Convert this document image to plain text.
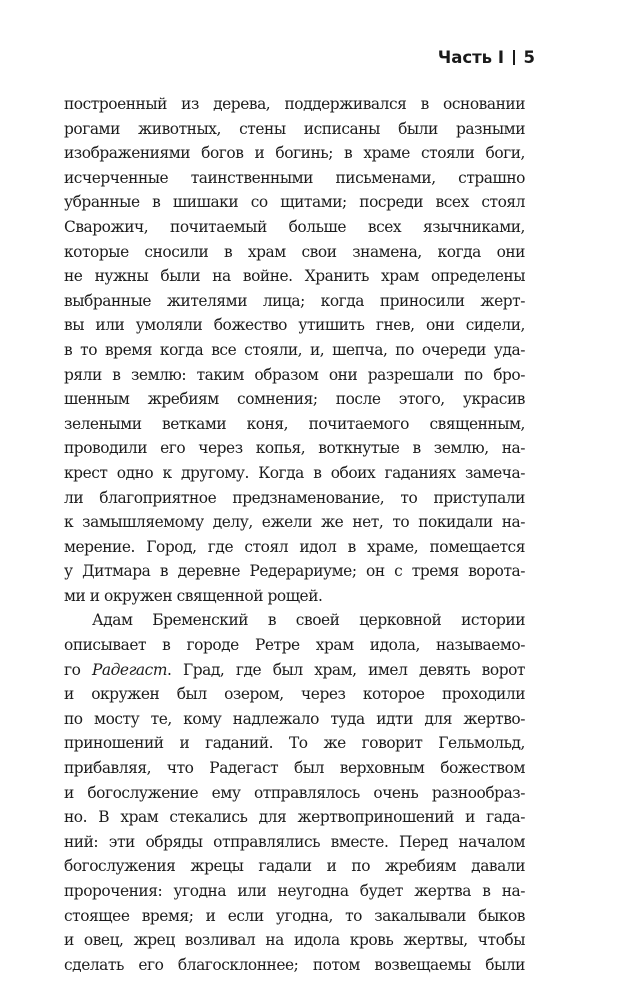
Часть I 5
построенный из дерева, поддерживался в основании
рогами животных, стены исписаны были разными
изображениями богов и богинь; в храме стояли боги,
исчерченные таинственными письменами, страшно
убранные в шишаки со щитами; посреди всех стоял
Сварожич, почитаемый больше всех язычниками,
которые сносили в храм свои знамена, когда они
не нужны были на войне. Хранить храм определены
выбранные жителями лица; когда приносили жерт-
вы или умоляли божество утишить гнев, они сидели,
в то время когда все стояли, и, шепча, по очереди уда-
ряли в землю: таким образом они разрешали по бро-
шенным жребиям сомнения; после этого, украсив
зелеными ветками коня, почитаемого священным,
проводили его через копья, воткнутые в землю, на-
крест одно к другому. Когда в обоих гаданиях замеча-
ли благоприятное предзнаменование, то приступали
к замышляемому делу, ежели же нет, то покидали на-
мерение. Город, где стоял идол в храме, помещается
у Дитмара в деревне Редерариуме; он с тремя ворота-
ми и окружен священной рощей.
Адам Бременский в своей церковной истории
описывает в городе Ретре храм идола, называемо-
го Радегаст. Град, где был храм, имел девять ворот
и окружен был озером, через которое проходили
по мосту те, кому надлежало туда идти для жертво-
приношений и гаданий. То же говорит Гельмольд,
прибавляя, что Радегаст был верховным божеством
и богослужение ему отправлялось очень разнообраз-
но. В храм стекались для жертвоприношений и гада-
ний: эти обряды отправлялись вместе. Перед началом
богослужения жрецы гадали и по жребиям давали
пророчения: угодна или неугодна будет жертва в на-
стоящее время; и если угодна, то закалывали быков
и овец, жрец возливал на идола кровь жертвы, чтобы
сделать его благосклоннее; потом возвещаемы были
